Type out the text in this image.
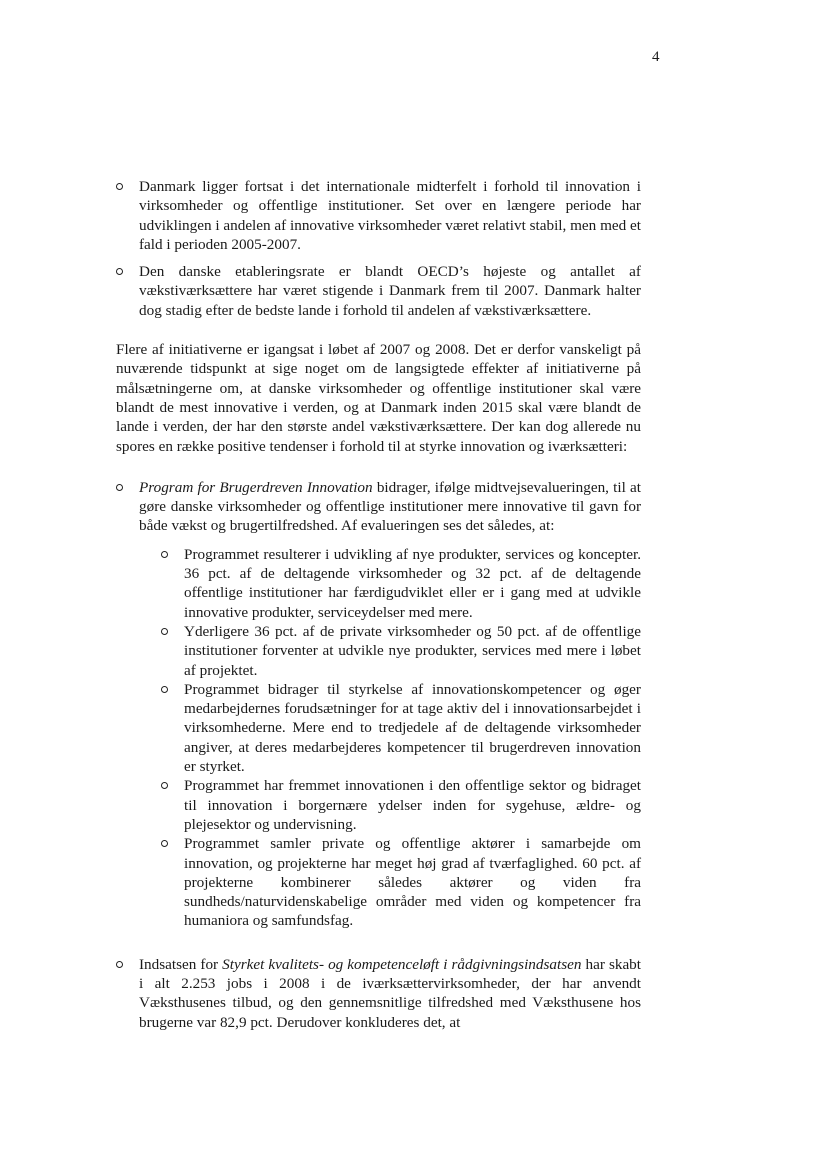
4
Danmark ligger fortsat i det internationale midterfelt i forhold til innovation i virksomheder og offentlige institutioner. Set over en længere periode har udviklingen i andelen af innovative virksomheder været relativt stabil, men med et fald i perioden 2005-2007.
Den danske etableringsrate er blandt OECD’s højeste og antallet af vækstiværksættere har været stigende i Danmark frem til 2007. Danmark halter dog stadig efter de bedste lande i forhold til andelen af vækstiværksættere.

Flere af initiativerne er igangsat i løbet af 2007 og 2008. Det er derfor vanskeligt på nuværende tidspunkt at sige noget om de langsigtede effekter af initiativerne på målsætningerne om, at danske virksomheder og offentlige institutioner skal være blandt de mest innovative i verden, og at Danmark inden 2015 skal være blandt de lande i verden, der har den største andel vækstiværksættere. Der kan dog allerede nu spores en række positive tendenser i forhold til at styrke innovation og iværksætteri:

Program for Brugerdreven Innovation bidrager, ifølge midtvejsevalueringen, til at gøre danske virksomheder og offentlige institutioner mere innovative til gavn for både vækst og brugertilfredshed. Af evalueringen ses det således, at:
Programmet resulterer i udvikling af nye produkter, services og koncepter. 36 pct. af de deltagende virksomheder og 32 pct. af de deltagende offentlige institutioner har færdigudviklet eller er i gang med at udvikle innovative produkter, serviceydelser med mere.
Yderligere 36 pct. af de private virksomheder og 50 pct. af de offentlige institutioner forventer at udvikle nye produkter, services med mere i løbet af projektet.
Programmet bidrager til styrkelse af innovationskompetencer og øger medarbejdernes forudsætninger for at tage aktiv del i innovationsarbejdet i virksomhederne. Mere end to tredjedele af de deltagende virksomheder angiver, at deres medarbejderes kompetencer til brugerdreven innovation er styrket.
Programmet har fremmet innovationen i den offentlige sektor og bidraget til innovation i borgernære ydelser inden for sygehuse, ældre- og plejesektor og undervisning.
Programmet samler private og offentlige aktører i samarbejde om innovation, og projekterne har meget høj grad af tværfaglighed. 60 pct. af projekterne kombinerer således aktører og viden fra sundheds/naturvidenskabelige områder med viden og kompetencer fra humaniora og samfundsfag.
Indsatsen for Styrket kvalitets- og kompetenceløft i rådgivningsindsatsen har skabt i alt 2.253 jobs i 2008 i de iværksættervirksomheder, der har anvendt Væksthusenes tilbud, og den gennemsnitlige tilfredshed med Væksthusene hos brugerne var 82,9 pct. Derudover konkluderes det, at
